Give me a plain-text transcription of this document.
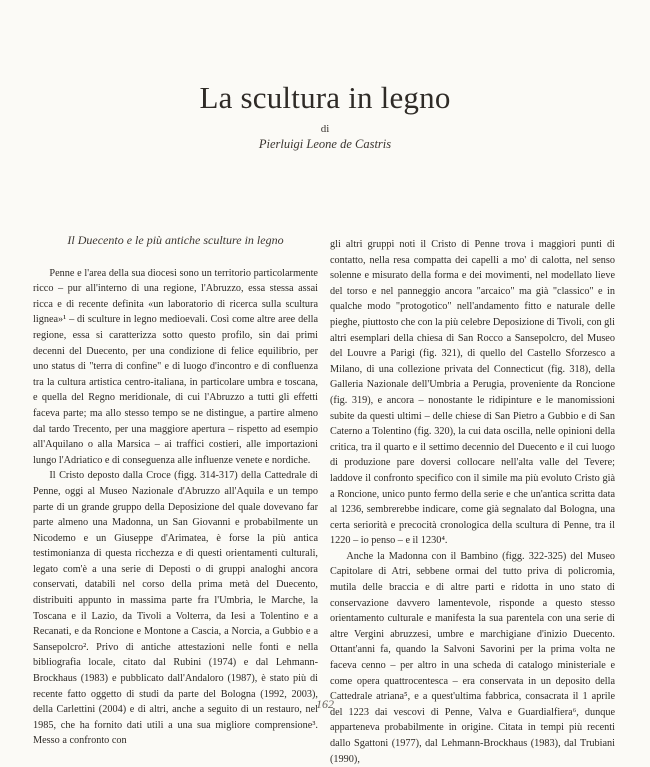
La scultura in legno
di
Pierluigi Leone de Castris
Il Duecento e le più antiche sculture in legno

Penne e l'area della sua diocesi sono un territorio particolarmente ricco – pur all'interno di una regione, l'Abruzzo, essa stessa assai ricca e di recente definita «un laboratorio di ricerca sulla scultura lignea»¹ – di sculture in legno medioevali. Così come altre aree della regione, essa si caratterizza sotto questo profilo, sin dai primi decenni del Duecento, per una condizione di felice equilibrio, per uno status di "terra di confine" e di luogo d'incontro e di confluenza tra la cultura artistica centro-italiana, in particolare umbra e toscana, e quella del Regno meridionale, di cui l'Abruzzo a tutti gli effetti faceva parte; ma allo stesso tempo se ne distingue, a partire almeno dal tardo Trecento, per una maggiore apertura – rispetto ad esempio all'Aquilano o alla Marsica – ai traffici costieri, alle importazioni lungo l'Adriatico e di conseguenza alle influenze venete e nordiche.

Il Cristo deposto dalla Croce (figg. 314-317) della Cattedrale di Penne, oggi al Museo Nazionale d'Abruzzo all'Aquila e un tempo parte di un grande gruppo della Deposizione del quale dovevano far parte almeno una Madonna, un San Giovanni e probabilmente un Nicodemo e un Giuseppe d'Arimatea, è forse la più antica testimonianza di questa ricchezza e di questi orientamenti culturali, legato com'è a una serie di Deposti o di gruppi analoghi ancora conservati, databili nel corso della prima metà del Duecento, distribuiti appunto in massima parte fra l'Umbria, le Marche, la Toscana e il Lazio, da Tivoli a Volterra, da Iesi a Tolentino e a Recanati, e da Roncione e Montone a Cascia, a Norcia, a Gubbio e a Sansepolcro². Privo di antiche attestazioni nelle fonti e nella bibliografia locale, citato dal Rubini (1974) e dal Lehmann-Brockhaus (1983) e pubblicato dall'Andaloro (1987), è stato più di recente fatto oggetto di studi da parte del Bologna (1992, 2003), della Carlettini (2004) e di altri, anche a seguito di un restauro, nel 1985, che ha fornito dati utili a una sua migliore comprensione³. Messo a confronto con

gli altri gruppi noti il Cristo di Penne trova i maggiori punti di contatto, nella resa compatta dei capelli a mo' di calotta, nel senso solenne e misurato della forma e dei movimenti, nel modellato lieve del torso e nel panneggio ancora "arcaico" ma già "classico" e in qualche modo "protogotico" nell'andamento fitto e naturale delle pieghe, piuttosto che con la più celebre Deposizione di Tivoli, con gli altri esemplari della chiesa di San Rocco a Sansepolcro, del Museo del Louvre a Parigi (fig. 321), di quello del Castello Sforzesco a Milano, di una collezione privata del Connecticut (fig. 318), della Galleria Nazionale dell'Umbria a Perugia, proveniente da Roncione (fig. 319), e ancora – nonostante le ridipinture e le manomissioni subite da questi ultimi – delle chiese di San Pietro a Gubbio e di San Caterno a Tolentino (fig. 320), la cui data oscilla, nelle opinioni della critica, tra il quarto e il settimo decennio del Duecento e il cui luogo di produzione pare doversi collocare nell'alta valle del Tevere; laddove il confronto specifico con il simile ma più evoluto Cristo già a Roncione, unico punto fermo della serie e che un'antica scritta data al 1236, sembrerebbe indicare, come già segnalato dal Bologna, una certa seriorità e precocità cronologica della scultura di Penne, tra il 1220 – io penso – e il 1230⁴.

Anche la Madonna con il Bambino (figg. 322-325) del Museo Capitolare di Atri, sebbene ormai del tutto priva di policromia, mutila delle braccia e di altre parti e ridotta in uno stato di conservazione davvero lamentevole, risponde a questo stesso orientamento culturale e manifesta la sua parentela con una serie di altre Vergini abruzzesi, umbre e marchigiane d'inizio Duecento. Ottant'anni fa, quando la Salvoni Savorini per la prima volta ne faceva cenno – per altro in una scheda di catalogo ministeriale e come opera quattrocentesca – era conservata in un deposito della Cattedrale atriana⁵, e a quest'ultima fabbrica, consacrata il 1 aprile del 1223 dai vescovi di Penne, Valva e Guardialfiera⁶, dunque apparteneva probabilmente in origine. Citata in tempi più recenti dallo Sgattoni (1977), dal Lehmann-Brockhaus (1983), dal Trubiani (1990),

162
